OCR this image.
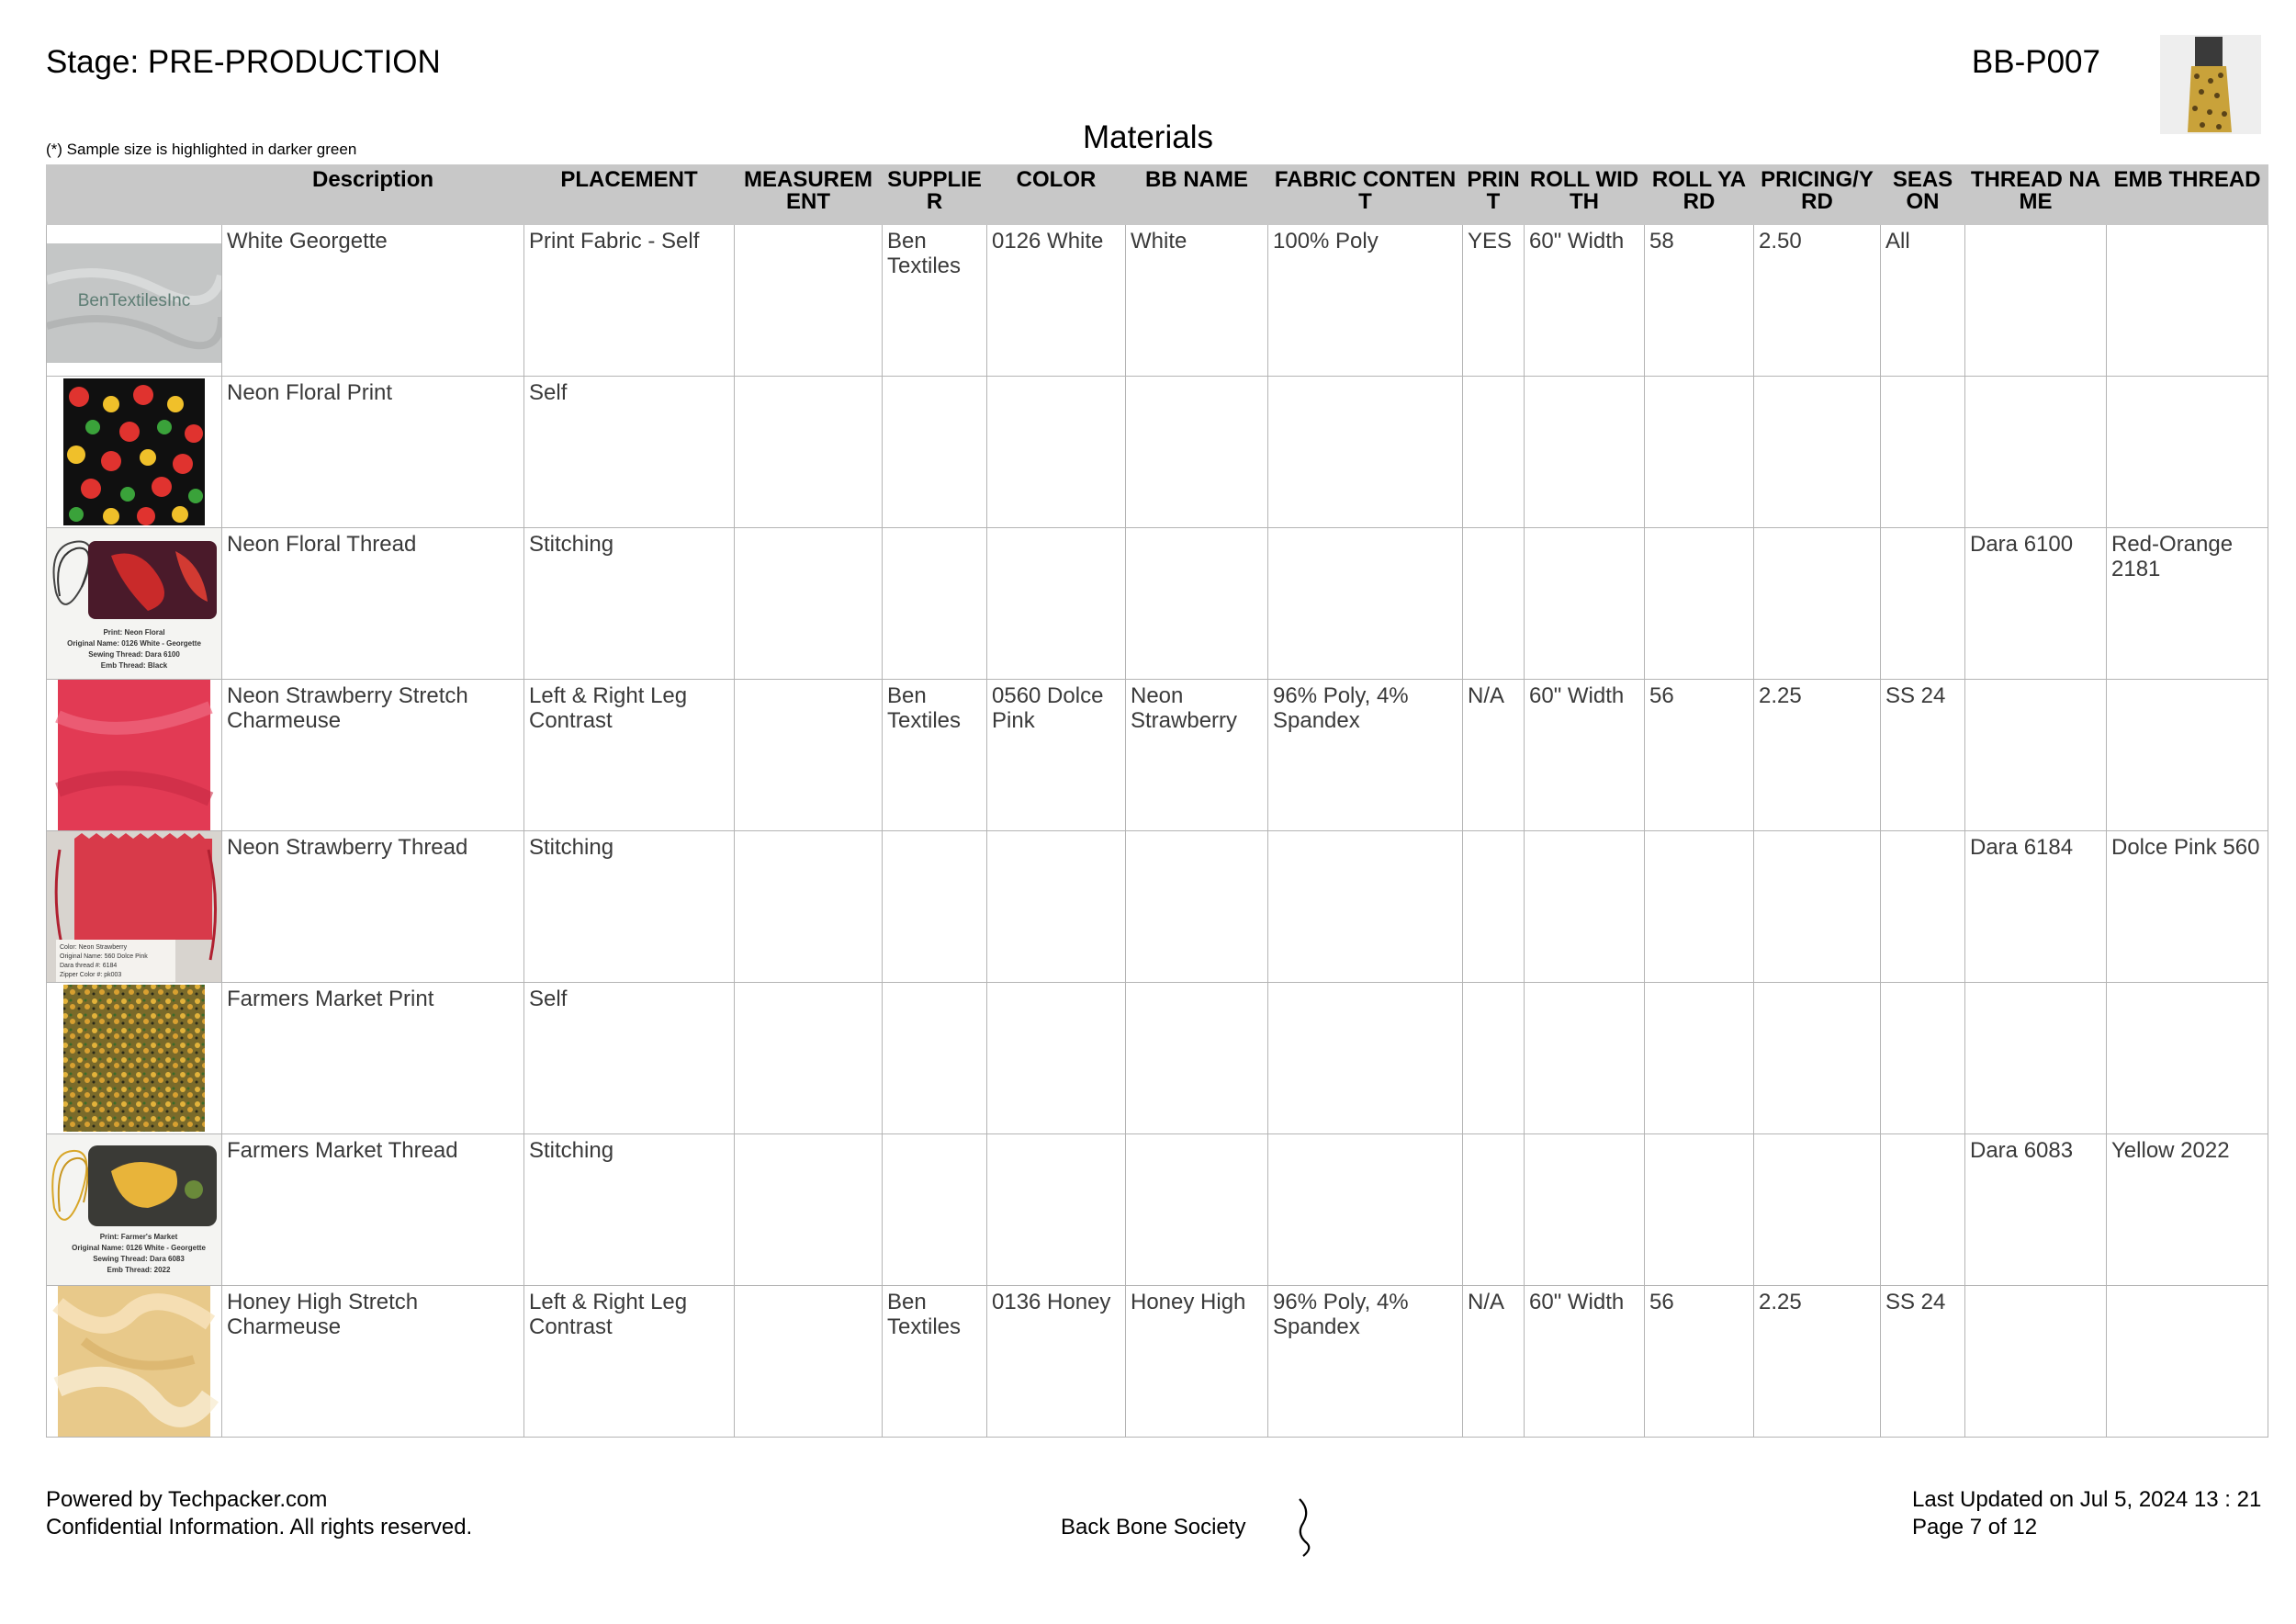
Stage: PRE-PRODUCTION	BB-P007
(*) Sample size is highlighted in darker green	Materials
	Description	PLACEMENT	MEASUREM ENT	SUPPLIE R	COLOR	BB NAME	FABRIC CONTENT	PRIN T	ROLL WIDTH	ROLL YARD	PRICING/Y RD	SEAS ON	THREAD NAME	EMB THREAD

BenTextilesInc	White Georgette	Print Fabric - Self		Ben Textiles	0126 White	White	100% Poly	YES	60" Width	58	2.50	All		

	Neon Floral Print	Self												

Print: Neon Floral
Original Name: 0126 White - Georgette
Sewing Thread: Dara 6100
Emb Thread: Black	Neon Floral Thread	Stitching											Dara 6100	Red-Orange 2181

	Neon Strawberry Stretch Charmeuse	Left & Right Leg Contrast		Ben Textiles	0560 Dolce Pink	Neon Strawberry	96% Poly, 4% Spandex	N/A	60" Width	56	2.25	SS 24		

Color: Neon Strawberry
Original Name: 560 Dolce Pink
Dara thread #: 6184
Zipper Color #: pk003	Neon Strawberry Thread	Stitching											Dara 6184	Dolce Pink 560

	Farmers Market Print	Self												

Print: Farmer's Market
Original Name: 0126 White - Georgette
Sewing Thread: Dara 6083
Emb Thread: 2022	Farmers Market Thread	Stitching											Dara 6083	Yellow 2022

	Honey High Stretch Charmeuse	Left & Right Leg Contrast		Ben Textiles	0136 Honey	Honey High	96% Poly, 4% Spandex	N/A	60" Width	56	2.25	SS 24		
Powered by Techpacker.com
Confidential Information. All rights reserved.	Back Bone Society
Last Updated on Jul 5, 2024 13 : 21
Page 7 of 12
